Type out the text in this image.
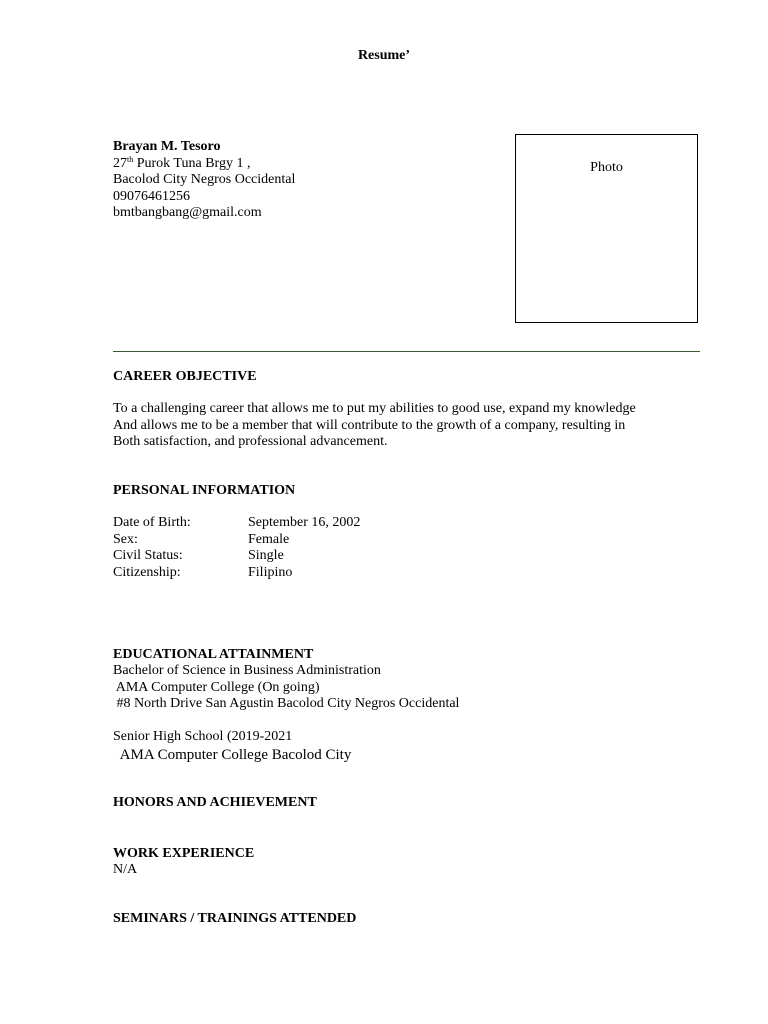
Resume’
Brayan M. Tesoro
27th Purok Tuna Brgy 1 ,
Bacolod City Negros Occidental
09076461256
bmtbangbang@gmail.com
Photo
CAREER OBJECTIVE
To a challenging career that allows me to put my abilities to good use, expand my knowledge
And allows me to be a member that will contribute to the growth of a company, resulting in
Both satisfaction, and professional advancement.
PERSONAL INFORMATION
Date of Birth:	September 16, 2002
Sex:	Female
Civil Status:	Single
Citizenship:	Filipino
EDUCATIONAL ATTAINMENT
Bachelor of Science in Business Administration
AMA Computer College (On going)
#8 North Drive San Agustin Bacolod City Negros Occidental
Senior High School (2019-2021
AMA Computer College Bacolod City
HONORS AND ACHIEVEMENT
WORK EXPERIENCE
N/A
SEMINARS / TRAININGS ATTENDED
